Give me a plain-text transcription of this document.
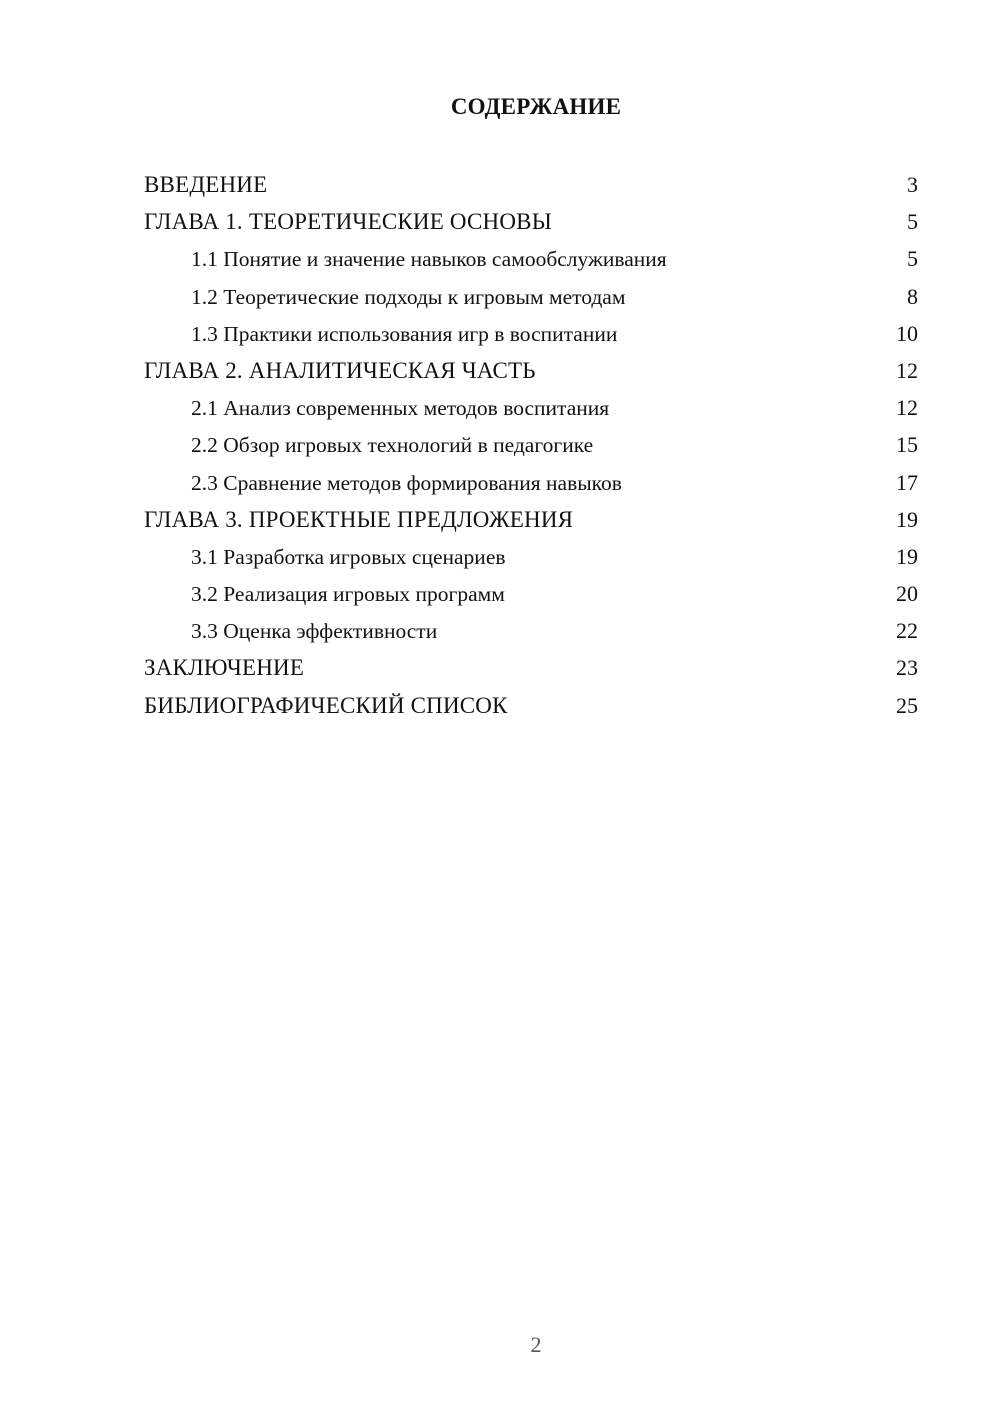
СОДЕРЖАНИЕ
ВВЕДЕНИЕ	3
ГЛАВА 1. ТЕОРЕТИЧЕСКИЕ ОСНОВЫ	5
1.1 Понятие и значение навыков самообслуживания	5
1.2 Теоретические подходы к игровым методам	8
1.3 Практики использования игр в воспитании	10
ГЛАВА 2. АНАЛИТИЧЕСКАЯ ЧАСТЬ	12
2.1 Анализ современных методов воспитания	12
2.2 Обзор игровых технологий в педагогике	15
2.3 Сравнение методов формирования навыков	17
ГЛАВА 3. ПРОЕКТНЫЕ ПРЕДЛОЖЕНИЯ	19
3.1 Разработка игровых сценариев	19
3.2 Реализация игровых программ	20
3.3 Оценка эффективности	22
ЗАКЛЮЧЕНИЕ	23
БИБЛИОГРАФИЧЕСКИЙ СПИСОК	25

2
